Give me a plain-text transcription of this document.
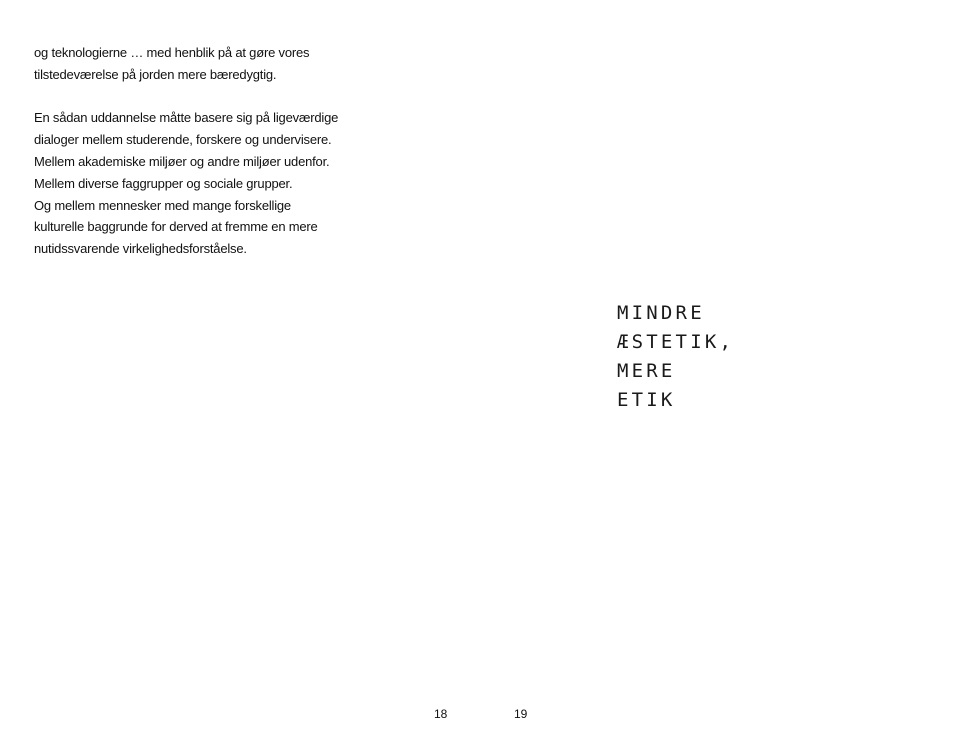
og teknologierne … med henblik på at gøre vores
tilstedeværelse på jorden mere bæredygtig.

En sådan uddannelse måtte basere sig på ligeværdige
dialoger mellem studerende, forskere og undervisere.
Mellem akademiske miljøer og andre miljøer udenfor.
Mellem diverse faggrupper og sociale grupper.
Og mellem mennesker med mange forskellige
kulturelle baggrunde for derved at fremme en mere
nutidssvarende virkelighedsforståelse.

18
MINDRE
ÆSTETIK,
MERE
ETIK
19
